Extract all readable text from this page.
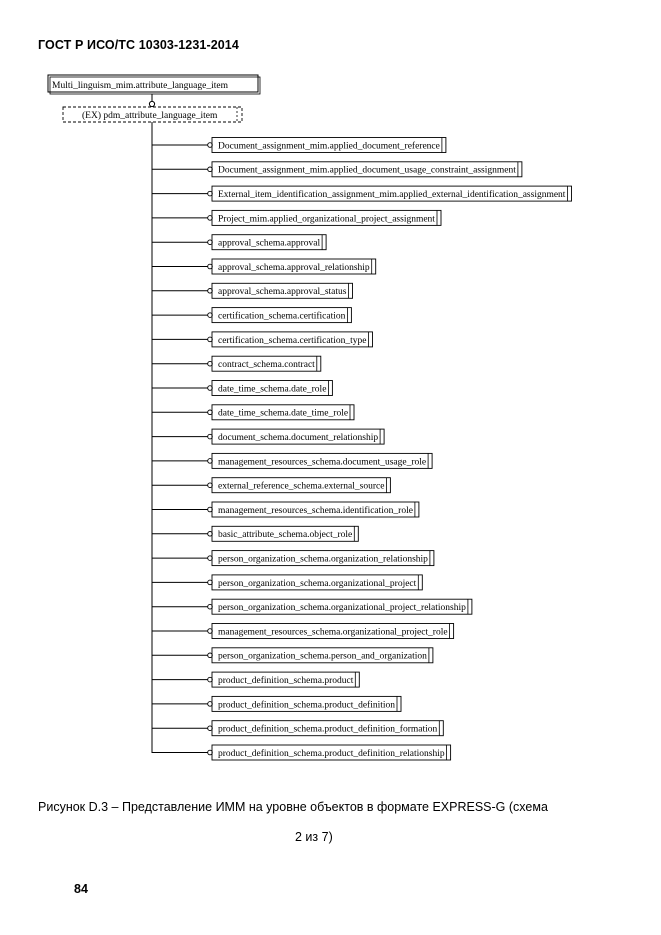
ГОСТ Р ИСО/ТС 10303-1231-2014
Multi_linguism_mim.attribute_language_item
(EX) pdm_attribute_language_item
Document_assignment_mim.applied_document_reference
Document_assignment_mim.applied_document_usage_constraint_assignment
External_item_identification_assignment_mim.applied_external_identification_assignment
Project_mim.applied_organizational_project_assignment
approval_schema.approval
approval_schema.approval_relationship
approval_schema.approval_status
certification_schema.certification
certification_schema.certification_type
contract_schema.contract
date_time_schema.date_role
date_time_schema.date_time_role
document_schema.document_relationship
management_resources_schema.document_usage_role
external_reference_schema.external_source
management_resources_schema.identification_role
basic_attribute_schema.object_role
person_organization_schema.organization_relationship
person_organization_schema.organizational_project
person_organization_schema.organizational_project_relationship
management_resources_schema.organizational_project_role
person_organization_schema.person_and_organization
product_definition_schema.product
product_definition_schema.product_definition
product_definition_schema.product_definition_formation
product_definition_schema.product_definition_relationship
Рисунок D.3 – Представление ИММ на уровне объектов в формате EXPRESS-G (схема
2 из 7)
84
